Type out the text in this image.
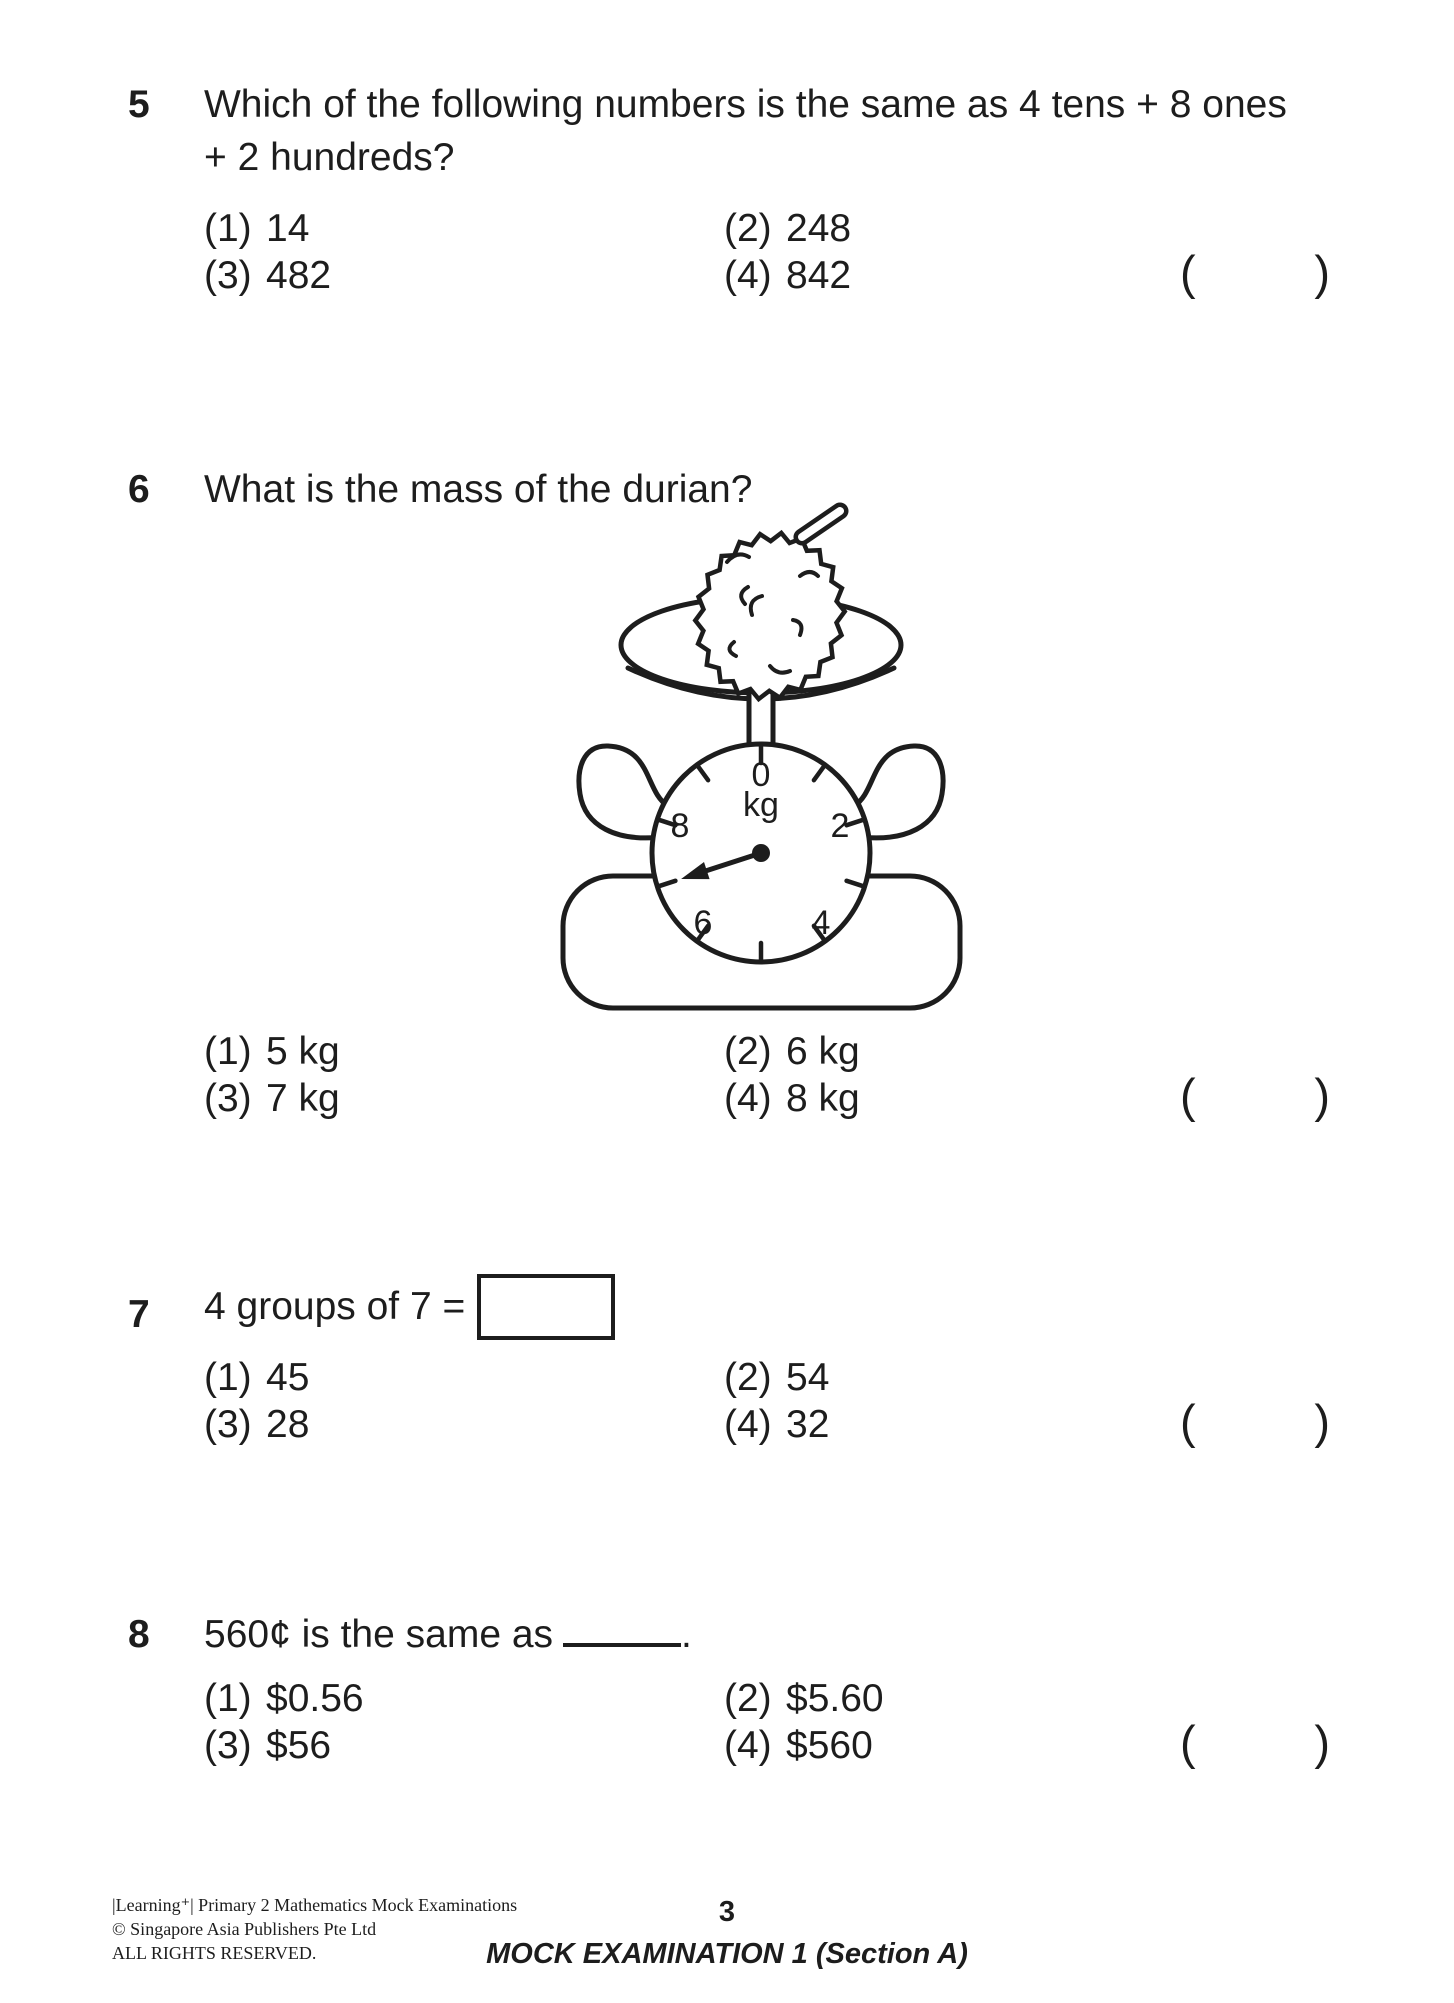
5 Which of the following numbers is the same as 4 tens + 8 ones
+ 2 hundreds?
(1) 14	(2) 248
(3) 482	(4) 842	(	)
6 What is the mass of the durian?
0
kg
2
4
6
8
(1) 5 kg	(2) 6 kg
(3) 7 kg	(4) 8 kg	(	)
7 4 groups of 7 =
(1) 45	(2) 54
(3) 28	(4) 32	(	)
8 560¢ is the same as	.
(1) $0.56	(2) $5.60
(3) $56	(4) $560	(	)
|Learning⁺| Primary 2 Mathematics Mock Examinations
© Singapore Asia Publishers Pte Ltd
ALL RIGHTS RESERVED.
3
MOCK EXAMINATION 1 (Section A)
